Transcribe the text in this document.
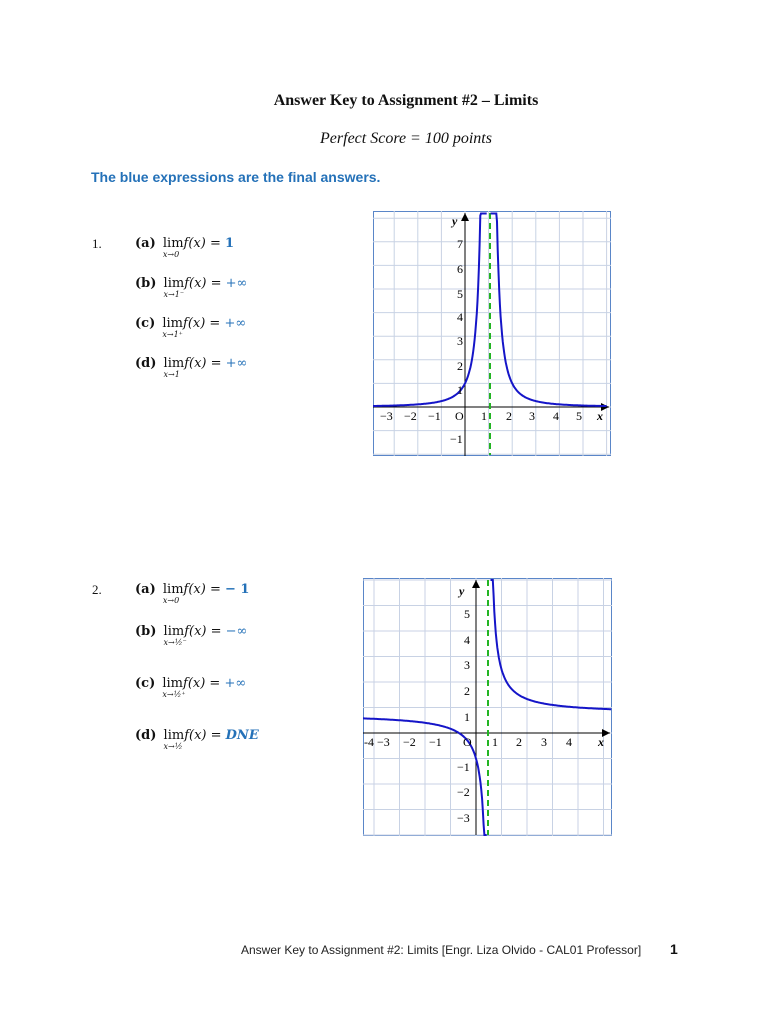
Answer Key to Assignment #2 – Limits
Perfect Score = 100 points
The blue expressions are the final answers.
1.	(a) lim
x→0
f(x) = 1
(b) lim
x→1⁻
f(x) = +∞
(c) lim
x→1⁺
f(x) = +∞
(d) lim
x→1
f(x) = +∞
−3 −2 −1 O 1 2 3 4 5 x
y
7
6
5
4
3
2
1
−1
2.	(a) lim
x→0
f(x) = − 1
(b) lim
x→½⁻
f(x) = −∞
(c) lim
x→½⁺
f(x) = +∞
(d) lim
x→½
f(x) = DNE	-4 −3 −2 −1 O 1 2 3 4 x
y
5
4
3
2
1
−1
−2
−3
Answer Key to Assignment #2: Limits [Engr. Liza Olvido - CAL01 Professor] 1
